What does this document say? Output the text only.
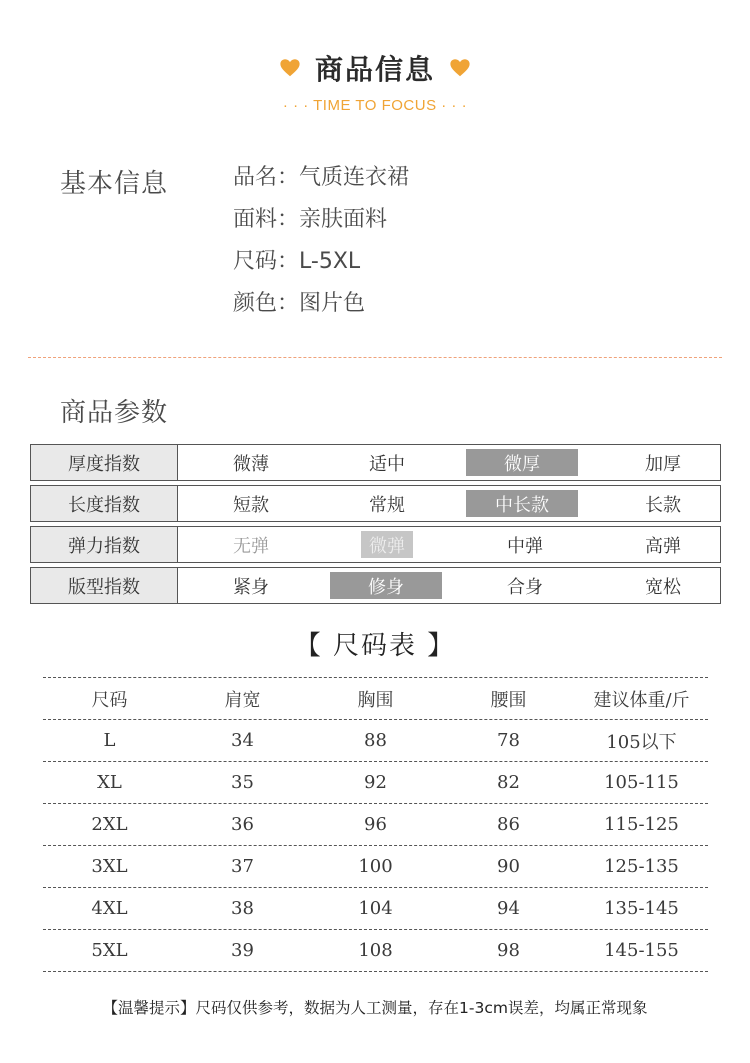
商品信息
· · · TIME TO FOCUS · · ·
基本信息	品名：气质连衣裙
面料：亲肤面料
尺码：L-5XL
颜色：图片色
商品参数
厚度指数	微薄	适中	微厚	加厚
长度指数	短款	常规	中长款	长款
弹力指数	无弹	微弹	中弹	高弹
版型指数	紧身	修身	合身	宽松
【 尺码表 】
尺码	肩宽	胸围	腰围	建议体重/斤
L	34	88	78	105以下
XL	35	92	82	105-115
2XL	36	96	86	115-125
3XL	37	100	90	125-135
4XL	38	104	94	135-145
5XL	39	108	98	145-155
【温馨提示】尺码仅供参考，数据为人工测量，存在1-3cm误差，均属正常现象
